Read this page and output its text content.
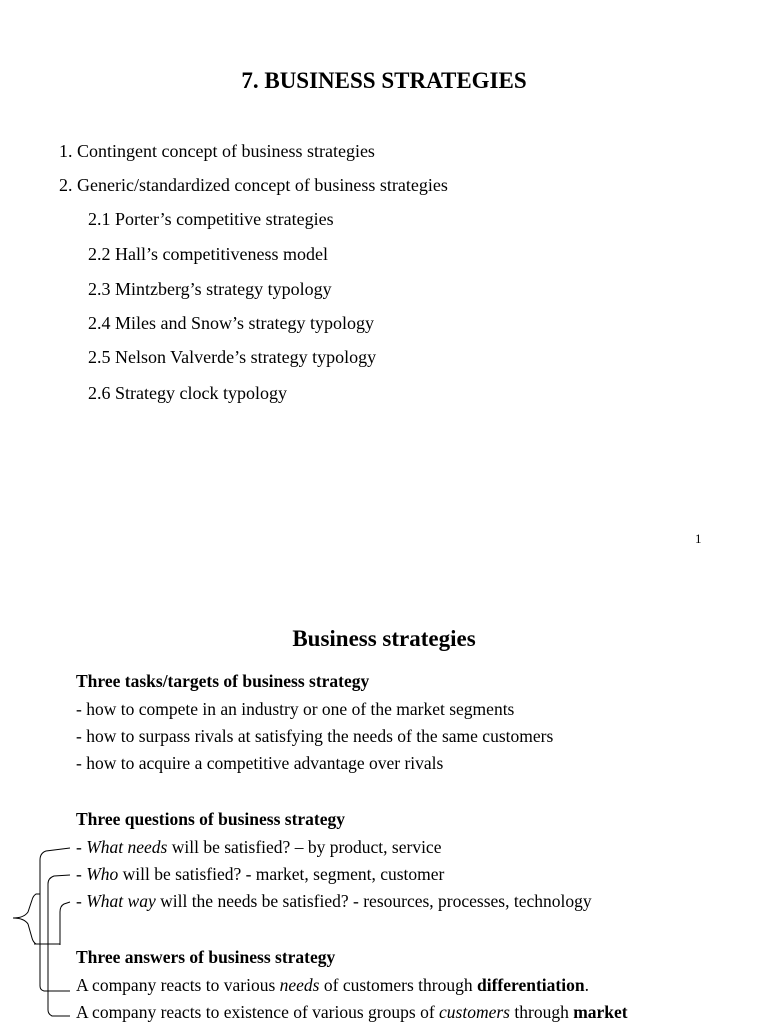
7. BUSINESS STRATEGIES
1. Contingent concept of business strategies
2. Generic/standardized concept of business strategies
2.1 Porter’s competitive strategies
2.2 Hall’s competitiveness model
2.3 Mintzberg’s strategy typology
2.4 Miles and Snow’s strategy typology
2.5 Nelson Valverde’s strategy typology
2.6 Strategy clock typology
1
Business strategies
Three tasks/targets of business strategy
- how to compete in an industry or one of the market segments
- how to surpass rivals at satisfying the needs of the same customers
- how to acquire a competitive advantage over rivals
Three questions of business strategy
- What needs will be satisfied? – by product, service
- Who will be satisfied? - market, segment, customer
- What way will the needs be satisfied? - resources, processes, technology
Three answers of business strategy
A company reacts to various needs of customers through differentiation.
A company reacts to existence of various groups of customers through market
